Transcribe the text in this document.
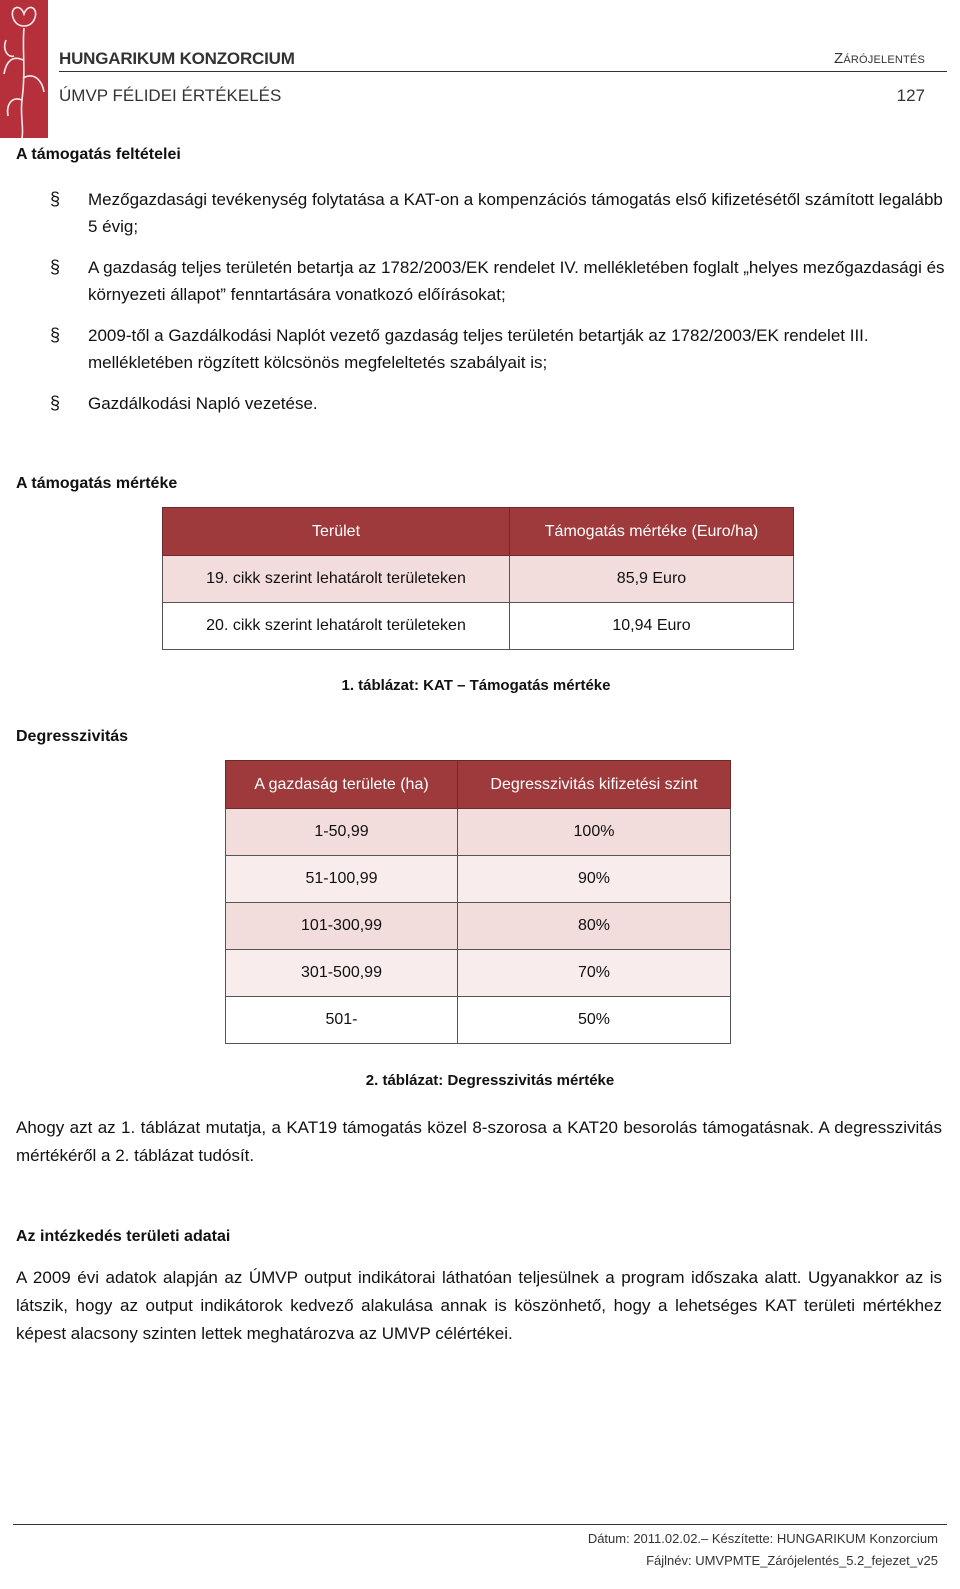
HUNGARIKUM KONZORCIUM	Zárójelentés
ÚMVP FÉLIDEI ÉRTÉKELÉS	127
A támogatás feltételei
§ Mezőgazdasági tevékenység folytatása a KAT-on a kompenzációs támogatás első kifizetésétől számított legalább 5 évig;
§ A gazdaság teljes területén betartja az 1782/2003/EK rendelet IV. mellékletében foglalt „helyes mezőgazdasági és környezeti állapot” fenntartására vonatkozó előírásokat;
§ 2009-től a Gazdálkodási Naplót vezető gazdaság teljes területén betartják az 1782/2003/EK rendelet III. mellékletében rögzített kölcsönös megfeleltetés szabályait is;
§ Gazdálkodási Napló vezetése.
A támogatás mértéke
Terület	Támogatás mértéke (Euro/ha)
19. cikk szerint lehatárolt területeken	85,9 Euro
20. cikk szerint lehatárolt területeken	10,94 Euro
1. táblázat: KAT – Támogatás mértéke
Degresszivitás
A gazdaság területe (ha)	Degresszivitás kifizetési szint
1-50,99	100%
51-100,99	90%
101-300,99	80%
301-500,99	70%
501-	50%
2. táblázat: Degresszivitás mértéke
Ahogy azt az 1. táblázat mutatja, a KAT19 támogatás közel 8-szorosa a KAT20 besorolás támogatásnak. A degresszivitás mértékéről a 2. táblázat tudósít.
Az intézkedés területi adatai
A 2009 évi adatok alapján az ÚMVP output indikátorai láthatóan teljesülnek a program időszaka alatt. Ugyanakkor az is látszik, hogy az output indikátorok kedvező alakulása annak is köszönhető, hogy a lehetséges KAT területi mértékhez képest alacsony szinten lettek meghatározva az UMVP célértékei.
Dátum: 2011.02.02.– Készítette: HUNGARIKUM Konzorcium
Fájlnév: UMVPMTE_Zárójelentés_5.2_fejezet_v25
